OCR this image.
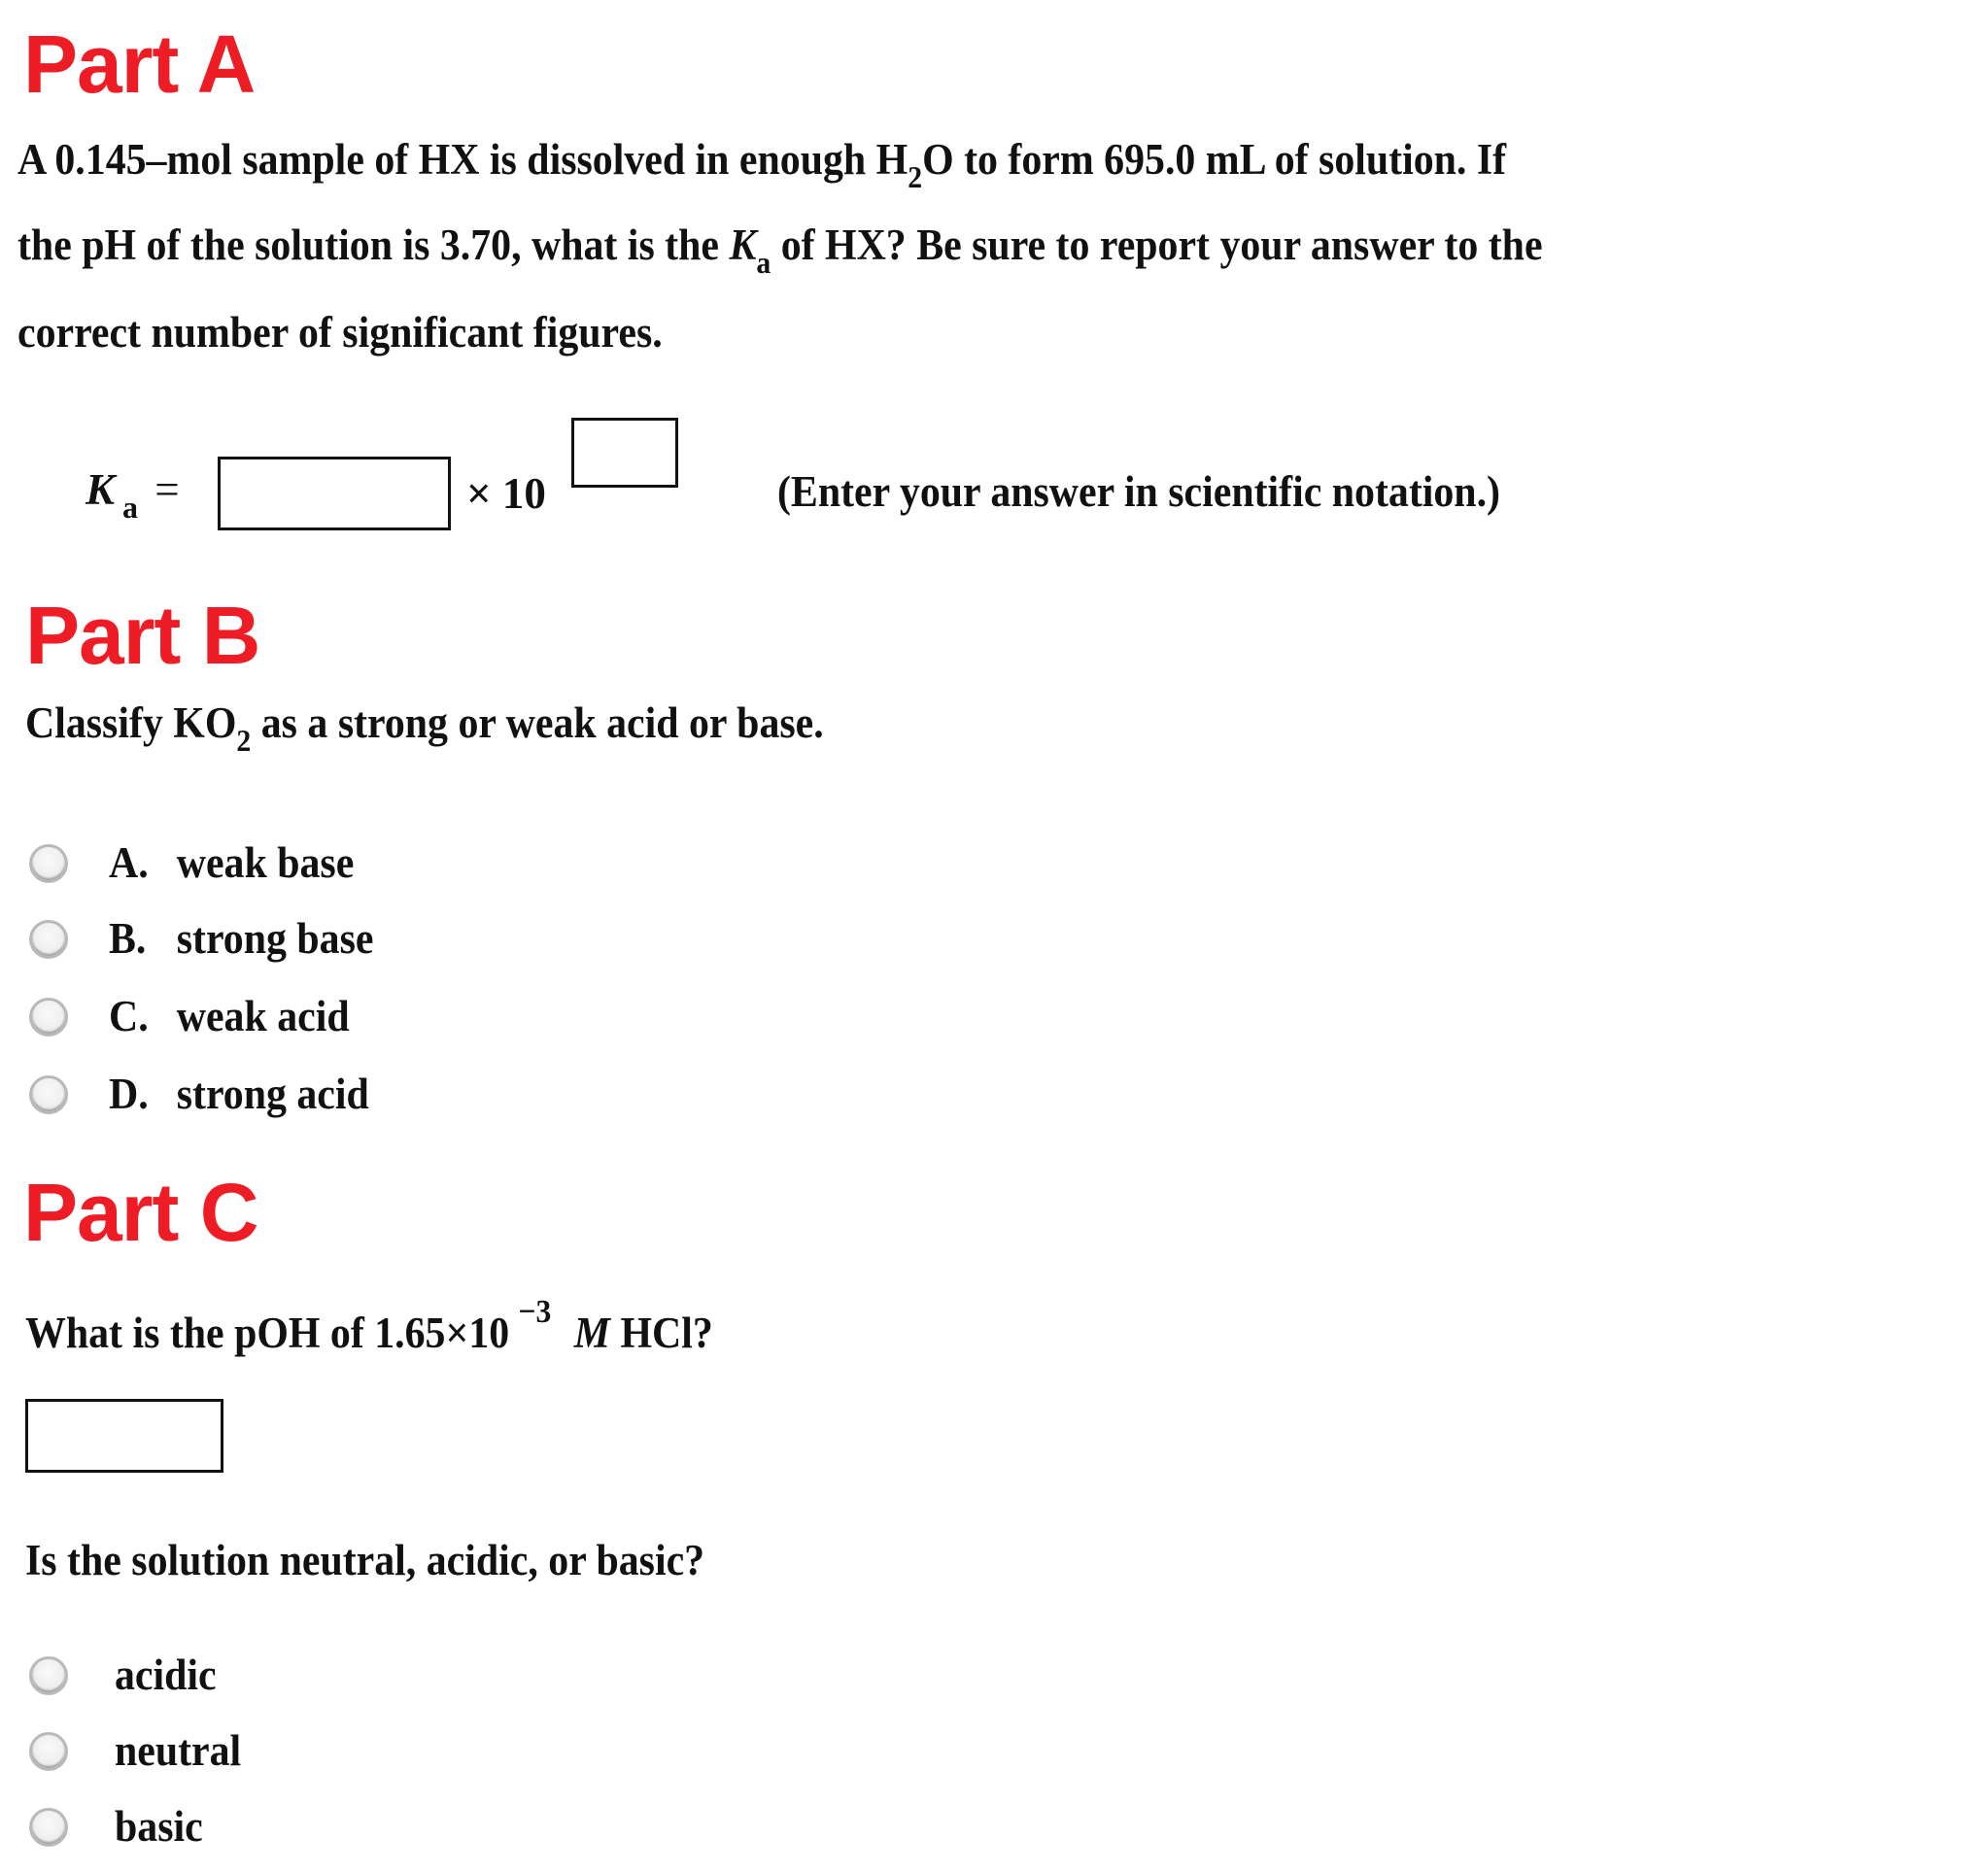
Part A
A 0.145–mol sample of HX is dissolved in enough $H_2O$ to form 695.0 mL of solution. If
the pH of the solution is 3.70, what is the $K_a$ of HX? Be sure to report your answer to the
correct number of significant figures.
K $_a$ =	× 10	(Enter your answer in scientific notation.)
Part B
Classify $KO_2$ as a strong or weak acid or base.
A. weak base
B. strong base
C. weak acid
D. strong acid
Part C
What is the pOH of 1.65×10 $^{-3}$ M HCl?
Is the solution neutral, acidic, or basic?
acidic
neutral
basic
